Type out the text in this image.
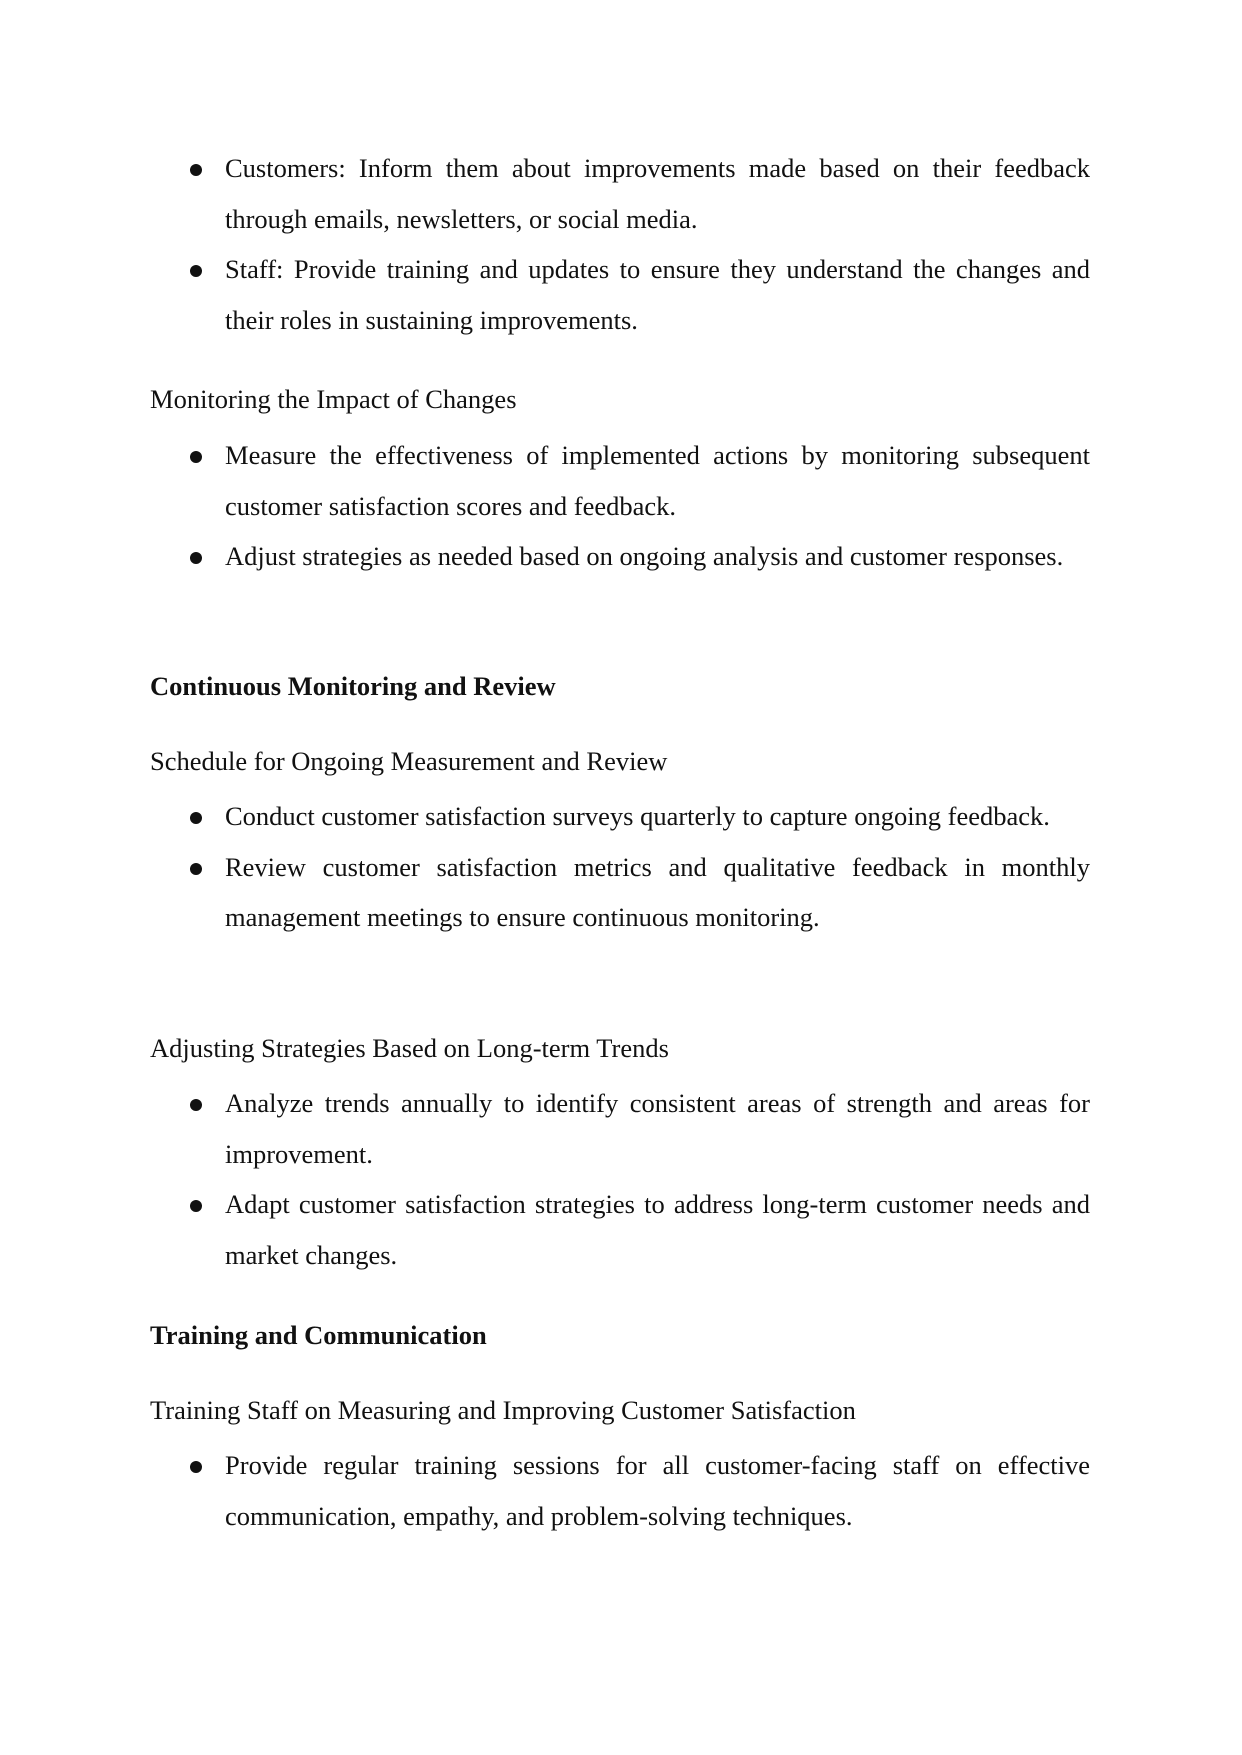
Customers: Inform them about improvements made based on their feedback through emails, newsletters, or social media.
Staff: Provide training and updates to ensure they understand the changes and their roles in sustaining improvements.

Monitoring the Impact of Changes

Measure the effectiveness of implemented actions by monitoring subsequent customer satisfaction scores and feedback.
Adjust strategies as needed based on ongoing analysis and customer responses.

Continuous Monitoring and Review

Schedule for Ongoing Measurement and Review

Conduct customer satisfaction surveys quarterly to capture ongoing feedback.
Review customer satisfaction metrics and qualitative feedback in monthly management meetings to ensure continuous monitoring.

Adjusting Strategies Based on Long-term Trends

Analyze trends annually to identify consistent areas of strength and areas for improvement.
Adapt customer satisfaction strategies to address long-term customer needs and market changes.

Training and Communication

Training Staff on Measuring and Improving Customer Satisfaction

Provide regular training sessions for all customer-facing staff on effective communication, empathy, and problem-solving techniques.
